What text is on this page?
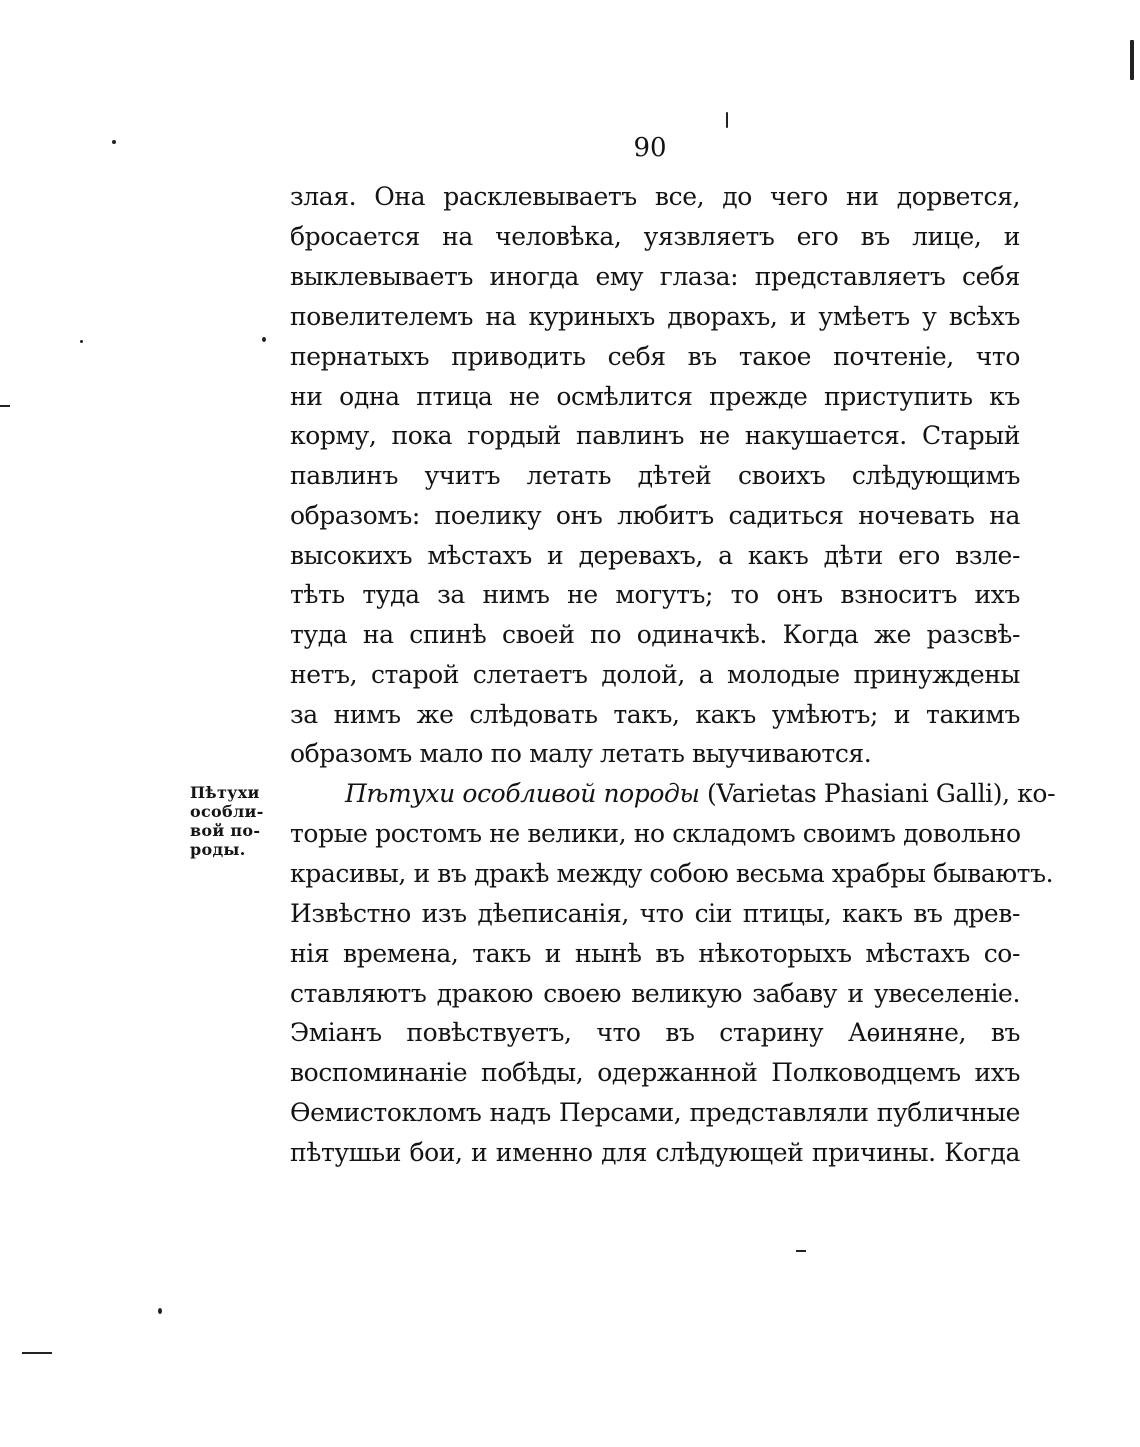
90
злая. Она расклевываетъ все, до чего ни дорвется,
бросается на человѣка, уязвляетъ его въ лице, и
выклевываетъ иногда ему глаза: представляетъ себя
повелителемъ на куриныхъ дворахъ, и умѣетъ у всѣхъ
пернатыхъ приводить себя въ такое почтеніе, что
ни одна птица не осмѣлится прежде приступить къ
корму, пока гордый павлинъ не накушается. Старый
павлинъ учитъ летать дѣтей своихъ слѣдующимъ
образомъ: поелику онъ любитъ садиться ночевать на
высокихъ мѣстахъ и деревахъ, а какъ дѣти его взле-
тѣть туда за нимъ не могутъ; то онъ взноситъ ихъ
туда на спинѣ своей по одиначкѣ. Когда же разсвѣ-
нетъ, старой слетаетъ долой, а молодые принуждены
за нимъ же слѣдовать такъ, какъ умѣютъ; и такимъ
образомъ мало по малу летать выучиваются.
Пѣтухи
особли-
вой по-
роды.
Пѣтухи особливой породы (Varietas Phasiani Galli), ко-
торые ростомъ не велики, но складомъ своимъ довольно
красивы, и въ дракѣ между собою весьма храбры бываютъ.
Извѣстно изъ дѣеписанія, что сіи птицы, какъ въ древ-
нія времена, такъ и нынѣ въ нѣкоторыхъ мѣстахъ со-
ставляютъ дракою своею великую забаву и увеселеніе.
Эміанъ повѣствуетъ, что въ старину Аѳиняне, въ
воспоминаніе побѣды, одержанной Полководцемъ ихъ
Ѳемистокломъ надъ Персами, представляли публичные
пѣтушьи бои, и именно для слѣдующей причины. Когда
